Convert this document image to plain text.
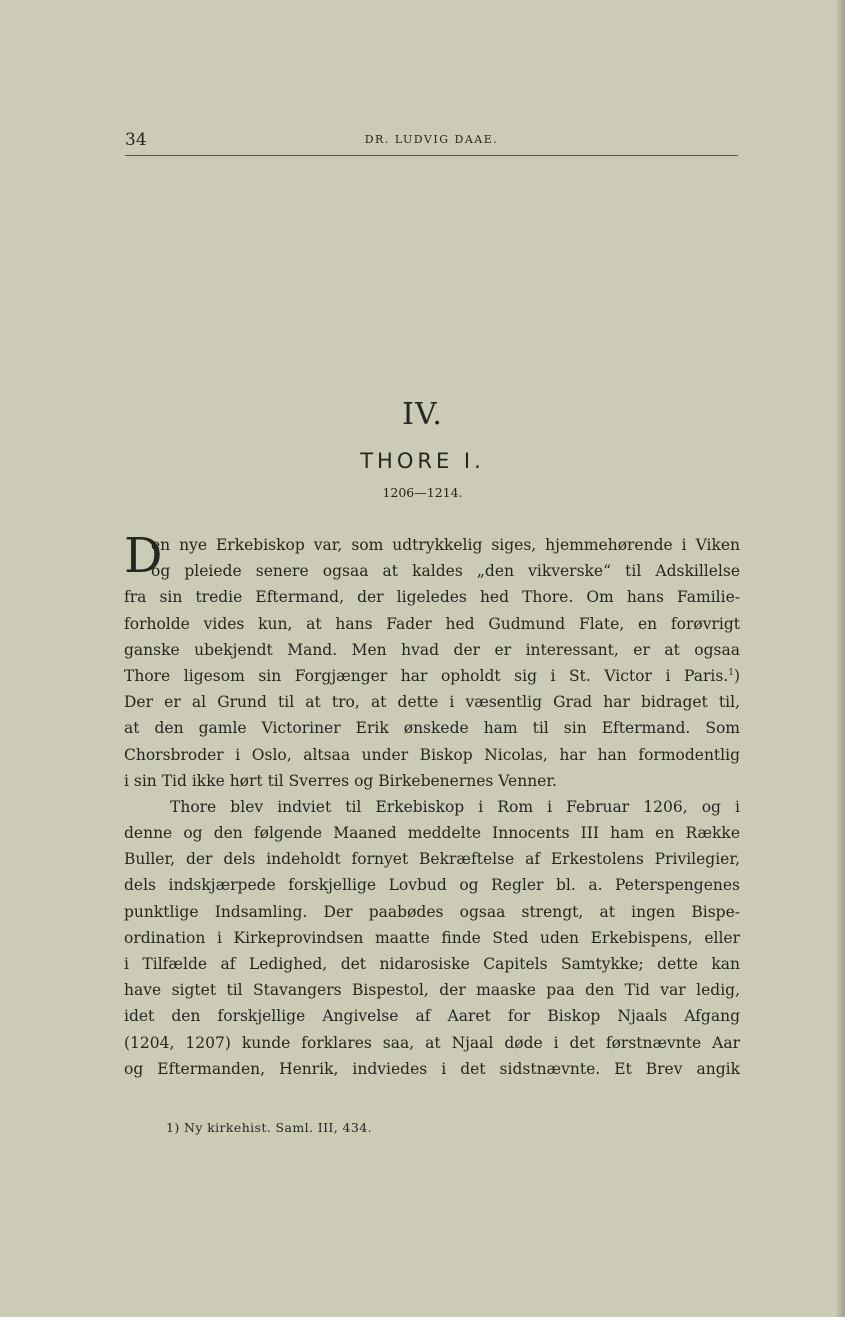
34	DR. LUDVIG DAAE.
IV.
THORE I.
1206—1214.
D
en nye Erkebiskop var, som udtrykkelig siges, hjemmehørende i Viken
og pleiede senere ogsaa at kaldes „den vikverske“ til Adskillelse
fra sin tredie Eftermand, der ligeledes hed Thore. Om hans Familie-
forholde vides kun, at hans Fader hed Gudmund Flate, en forøvrigt
ganske ubekjendt Mand. Men hvad der er interessant, er at ogsaa
Thore ligesom sin Forgjænger har opholdt sig i St. Victor i Paris.$^1$)
Der er al Grund til at tro, at dette i væsentlig Grad har bidraget til,
at den gamle Victoriner Erik ønskede ham til sin Eftermand. Som
Chorsbroder i Oslo, altsaa under Biskop Nicolas, har han formodentlig
i sin Tid ikke hørt til Sverres og Birkebenernes Venner.
Thore blev indviet til Erkebiskop i Rom i Februar 1206, og i
denne og den følgende Maaned meddelte Innocents III ham en Række
Buller, der dels indeholdt fornyet Bekræftelse af Erkestolens Privilegier,
dels indskjærpede forskjellige Lovbud og Regler bl. a. Peterspengenes
punktlige Indsamling. Der paabødes ogsaa strengt, at ingen Bispe-
ordination i Kirkeprovindsen maatte finde Sted uden Erkebispens, eller
i Tilfælde af Ledighed, det nidarosiske Capitels Samtykke; dette kan
have sigtet til Stavangers Bispestol, der maaske paa den Tid var ledig,
idet den forskjellige Angivelse af Aaret for Biskop Njaals Afgang
(1204, 1207) kunde forklares saa, at Njaal døde i det førstnævnte Aar
og Eftermanden, Henrik, indviedes i det sidstnævnte. Et Brev angik
1) Ny kirkehist. Saml. III, 434.
